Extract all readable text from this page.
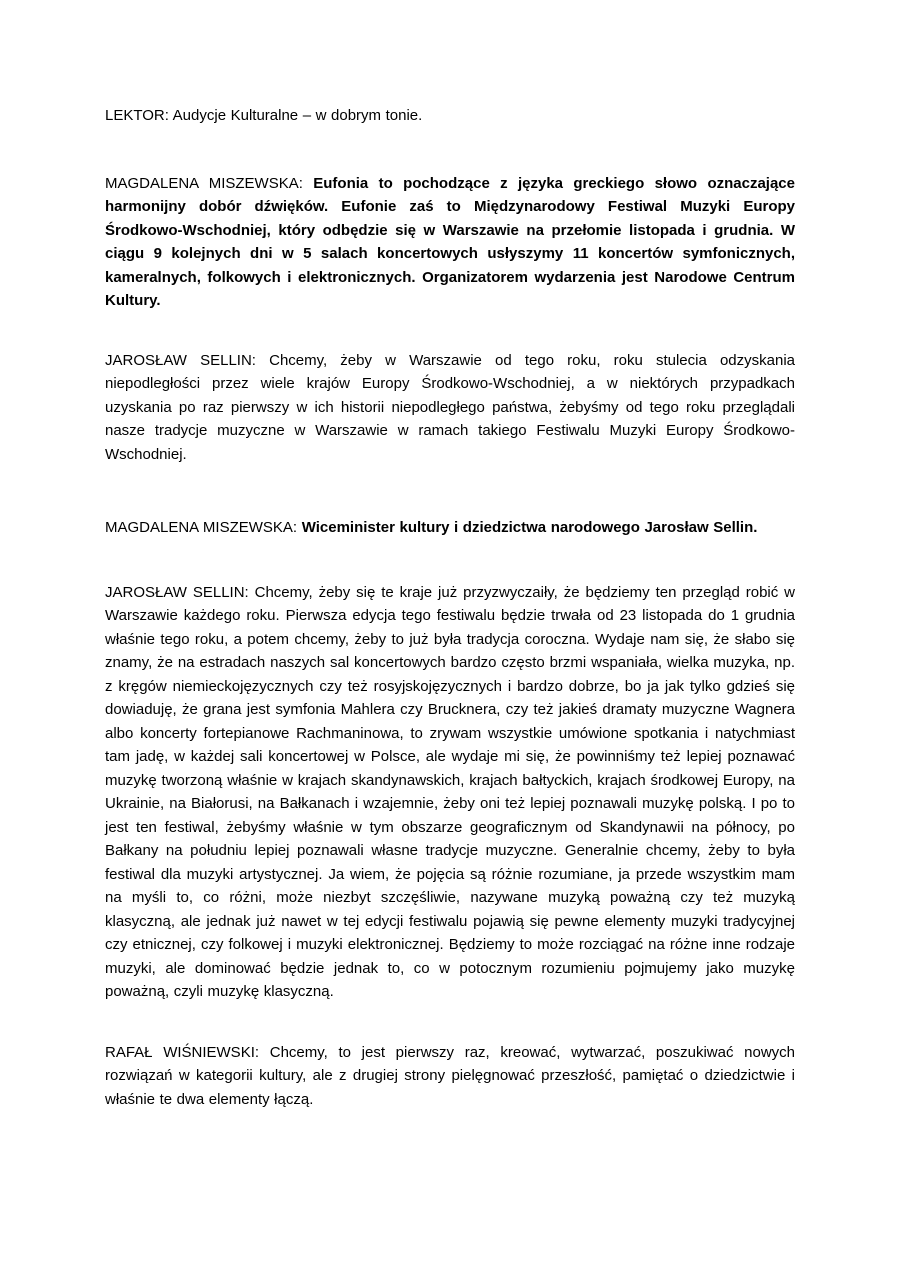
LEKTOR: Audycje Kulturalne – w dobrym tonie.

MAGDALENA MISZEWSKA: Eufonia to pochodzące z języka greckiego słowo oznaczające harmonijny dobór dźwięków. Eufonie zaś to Międzynarodowy Festiwal Muzyki Europy Środkowo-Wschodniej, który odbędzie się w Warszawie na przełomie listopada i grudnia. W ciągu 9 kolejnych dni w 5 salach koncertowych usłyszymy 11 koncertów symfonicznych, kameralnych, folkowych i elektronicznych. Organizatorem wydarzenia jest Narodowe Centrum Kultury.

JAROSŁAW SELLIN: Chcemy, żeby w Warszawie od tego roku, roku stulecia odzyskania niepodległości przez wiele krajów Europy Środkowo-Wschodniej, a w niektórych przypadkach uzyskania po raz pierwszy w ich historii niepodległego państwa, żebyśmy od tego roku przeglądali nasze tradycje muzyczne w Warszawie w ramach takiego Festiwalu Muzyki Europy Środkowo-Wschodniej.

MAGDALENA MISZEWSKA: Wiceminister kultury i dziedzictwa narodowego Jarosław Sellin.

JAROSŁAW SELLIN: Chcemy, żeby się te kraje już przyzwyczaiły, że będziemy ten przegląd robić w Warszawie każdego roku. Pierwsza edycja tego festiwalu będzie trwała od 23 listopada do 1 grudnia właśnie tego roku, a potem chcemy, żeby to już była tradycja coroczna. Wydaje nam się, że słabo się znamy, że na estradach naszych sal koncertowych bardzo często brzmi wspaniała, wielka muzyka, np. z kręgów niemieckojęzycznych czy też rosyjskojęzycznych i bardzo dobrze, bo ja jak tylko gdzieś się dowiaduję, że grana jest symfonia Mahlera czy Brucknera, czy też jakieś dramaty muzyczne Wagnera albo koncerty fortepianowe Rachmaninowa, to zrywam wszystkie umówione spotkania i natychmiast tam jadę, w każdej sali koncertowej w Polsce, ale wydaje mi się, że powinniśmy też lepiej poznawać muzykę tworzoną właśnie w krajach skandynawskich, krajach bałtyckich, krajach środkowej Europy, na Ukrainie, na Białorusi, na Bałkanach i wzajemnie, żeby oni też lepiej poznawali muzykę polską. I po to jest ten festiwal, żebyśmy właśnie w tym obszarze geograficznym od Skandynawii na północy, po Bałkany na południu lepiej poznawali własne tradycje muzyczne. Generalnie chcemy, żeby to była festiwal dla muzyki artystycznej. Ja wiem, że pojęcia są różnie rozumiane, ja przede wszystkim mam na myśli to, co różni, może niezbyt szczęśliwie, nazywane muzyką poważną czy też muzyką klasyczną, ale jednak już nawet w tej edycji festiwalu pojawią się pewne elementy muzyki tradycyjnej czy etnicznej, czy folkowej i muzyki elektronicznej. Będziemy to może rozciągać na różne inne rodzaje muzyki, ale dominować będzie jednak to, co w potocznym rozumieniu pojmujemy jako muzykę poważną, czyli muzykę klasyczną.

RAFAŁ WIŚNIEWSKI: Chcemy, to jest pierwszy raz, kreować, wytwarzać, poszukiwać nowych rozwiązań w kategorii kultury, ale z drugiej strony pielęgnować przeszłość, pamiętać o dziedzictwie i właśnie te dwa elementy łączą.
